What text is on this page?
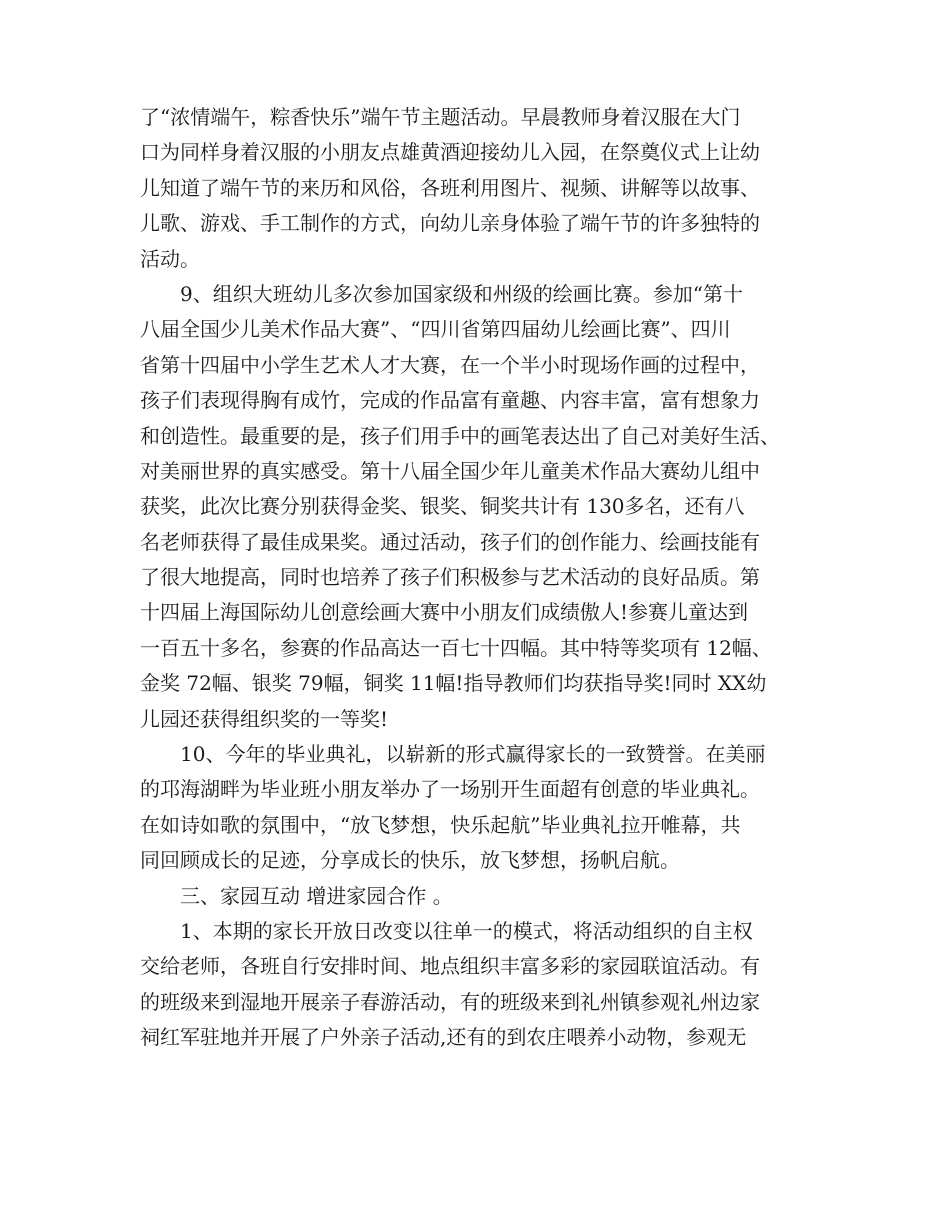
了“浓情端午，粽香快乐”端午节主题活动。早晨教师身着汉服在大门
口为同样身着汉服的小朋友点雄黄酒迎接幼儿入园，在祭奠仪式上让幼
儿知道了端午节的来历和风俗，各班利用图片、视频、讲解等以故事、
儿歌、游戏、手工制作的方式，向幼儿亲身体验了端午节的许多独特的
活动。
9、组织大班幼儿多次参加国家级和州级的绘画比赛。参加“第十
八届全国少儿美术作品大赛”、“四川省第四届幼儿绘画比赛”、四川
省第十四届中小学生艺术人才大赛，在一个半小时现场作画的过程中，
孩子们表现得胸有成竹，完成的作品富有童趣、内容丰富，富有想象力
和创造性。最重要的是，孩子们用手中的画笔表达出了自己对美好生活、
对美丽世界的真实感受。第十八届全国少年儿童美术作品大赛幼儿组中
获奖，此次比赛分别获得金奖、银奖、铜奖共计有 130多名，还有八
名老师获得了最佳成果奖。通过活动，孩子们的创作能力、绘画技能有
了很大地提高，同时也培养了孩子们积极参与艺术活动的良好品质。第
十四届上海国际幼儿创意绘画大赛中小朋友们成绩傲人!参赛儿童达到
一百五十多名，参赛的作品高达一百七十四幅。其中特等奖项有 12幅、
金奖 72幅、银奖 79幅，铜奖 11幅!指导教师们均获指导奖!同时 XX幼
儿园还获得组织奖的一等奖!
10、今年的毕业典礼，以崭新的形式赢得家长的一致赞誉。在美丽
的邛海湖畔为毕业班小朋友举办了一场别开生面超有创意的毕业典礼。
在如诗如歌的氛围中，“放飞梦想，快乐起航”毕业典礼拉开帷幕，共
同回顾成长的足迹，分享成长的快乐，放飞梦想，扬帆启航。
三、家园互动 增进家园合作 。
1、本期的家长开放日改变以往单一的模式，将活动组织的自主权
交给老师，各班自行安排时间、地点组织丰富多彩的家园联谊活动。有
的班级来到湿地开展亲子春游活动，有的班级来到礼州镇参观礼州边家
祠红军驻地并开展了户外亲子活动,还有的到农庄喂养小动物，参观无
